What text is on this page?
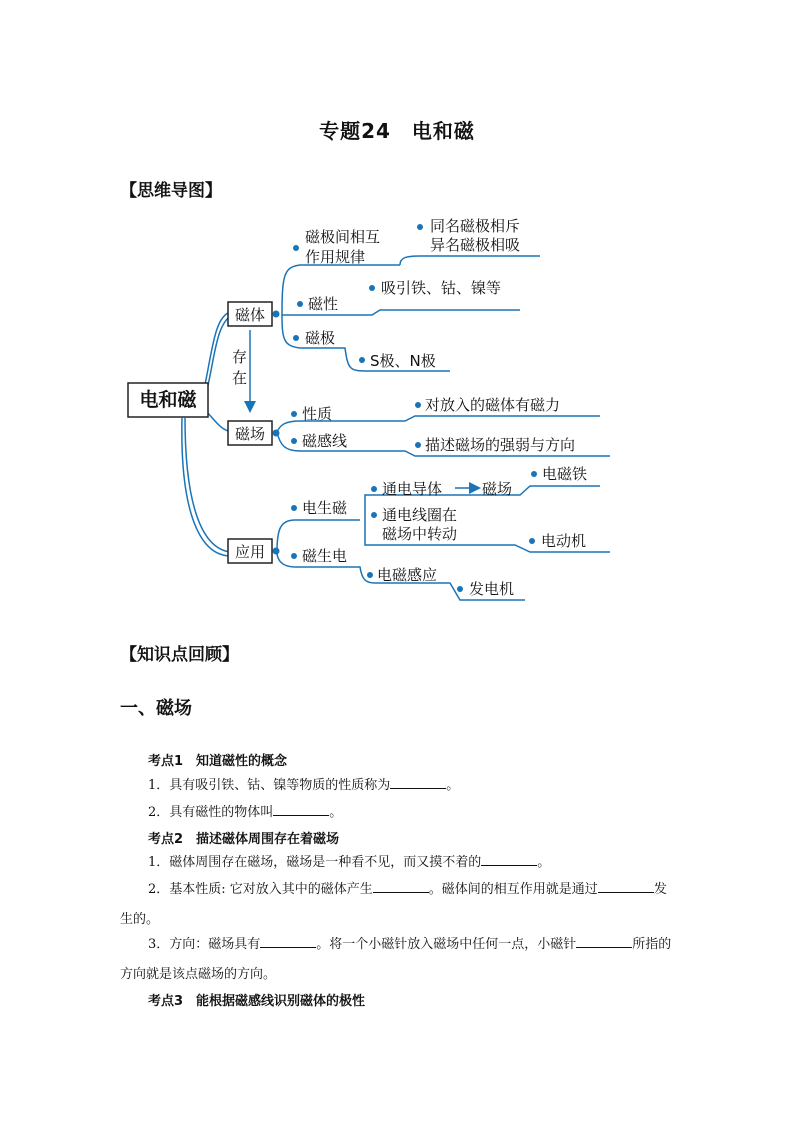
专题24　电和磁
【思维导图】
电和磁
磁体
磁场
应用
存
在
磁极间相互
作用规律
同名磁极相斥
异名磁极相吸
磁性
吸引铁、钴、镍等
磁极
S极、N极
性质	对放入的磁体有磁力
磁感线	描述磁场的强弱与方向
电生磁
通电导体	磁场
电磁铁
通电线圈在
磁场中转动	电动机
磁生电
电磁感应
发电机
【知识点回顾】
一、磁场
考点1　知道磁性的概念
1．具有吸引铁、钴、镍等物质的性质称为	。
2．具有磁性的物体叫	。
考点2　描述磁体周围存在着磁场
1．磁体周围存在磁场，磁场是一种看不见，而又摸不着的	。
2．基本性质: 它对放入其中的磁体产生	。磁体间的相互作用就是通过	发生的。
3．方向：磁场具有	。将一个小磁针放入磁场中任何一点，小磁针	所指的方向就是该点磁场的方向。
考点3　能根据磁感线识别磁体的极性
